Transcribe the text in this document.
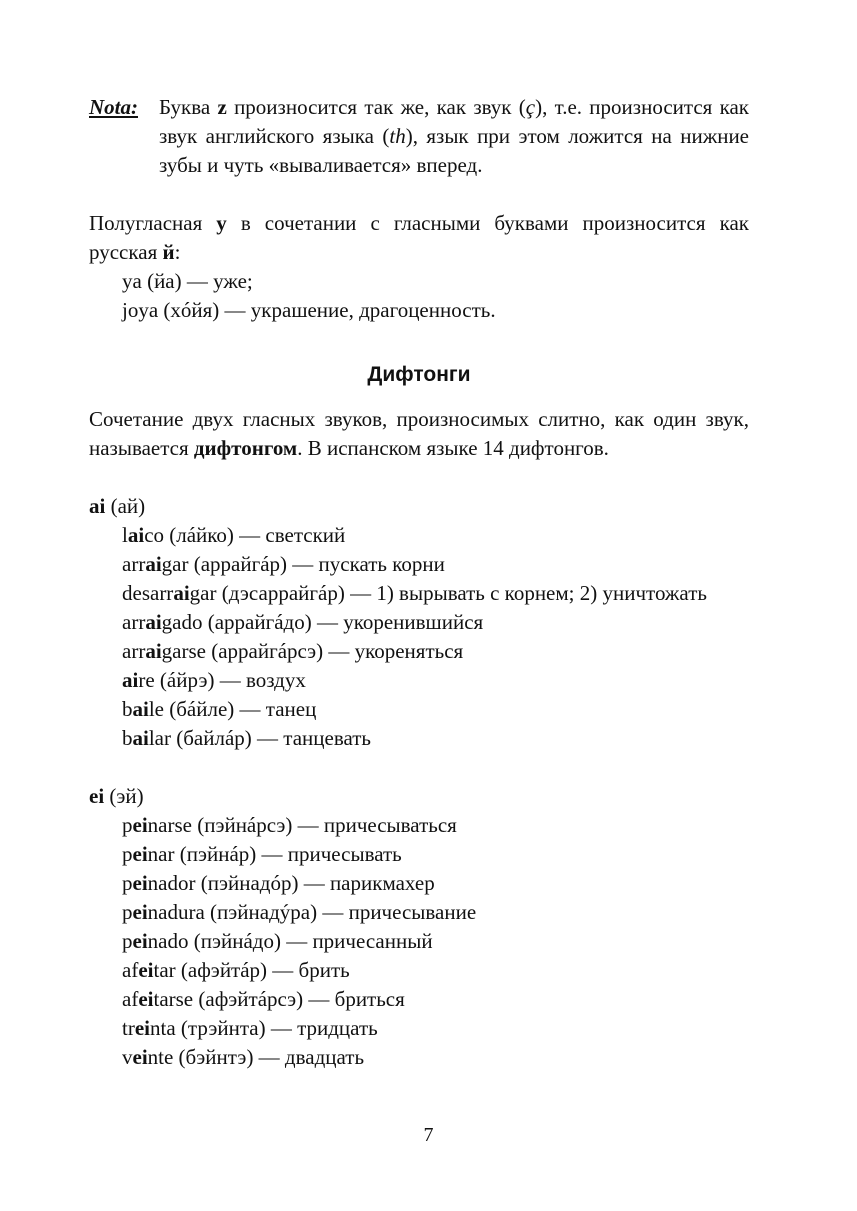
Nota:	Буква z произносится так же, как звук (ç), т.е. произносится как звук английского языка (th), язык при этом ложится на нижние зубы и чуть «вываливается» вперед.

Полугласная y в сочетании с гласными буквами произносится как русская й:

ya (йа) — уже;
joya (хóйя) — украшение, драгоценность.

Дифтонги

Сочетание двух гласных звуков, произносимых слитно, как один звук, называется дифтонгом. В испанском языке 14 дифтонгов.

ai (ай)
laico (лáйко) — светский
arraigar (аррайгáр) — пускать корни
desarraigar (дэсаррайгáр) — 1) вырывать с корнем; 2) уничтожать
arraigado (аррайгáдо) — укоренившийся
arraigarse (аррайгáрсэ) — укореняться
aire (áйрэ) — воздух
baile (бáйле) — танец
bailar (байлáр) — танцевать
ei (эй)
peinarse (пэйнáрсэ) — причесываться
peinar (пэйнáр) — причесывать
peinador (пэйнадóр) — парикмахер
peinadura (пэйнадýра) — причесывание
peinado (пэйнáдо) — причесанный
afeitar (афэйтáр) — брить
afeitarse (афэйтáрсэ) — бриться
treinta (трэйнта) — тридцать
veinte (бэйнтэ) — двадцать
7
